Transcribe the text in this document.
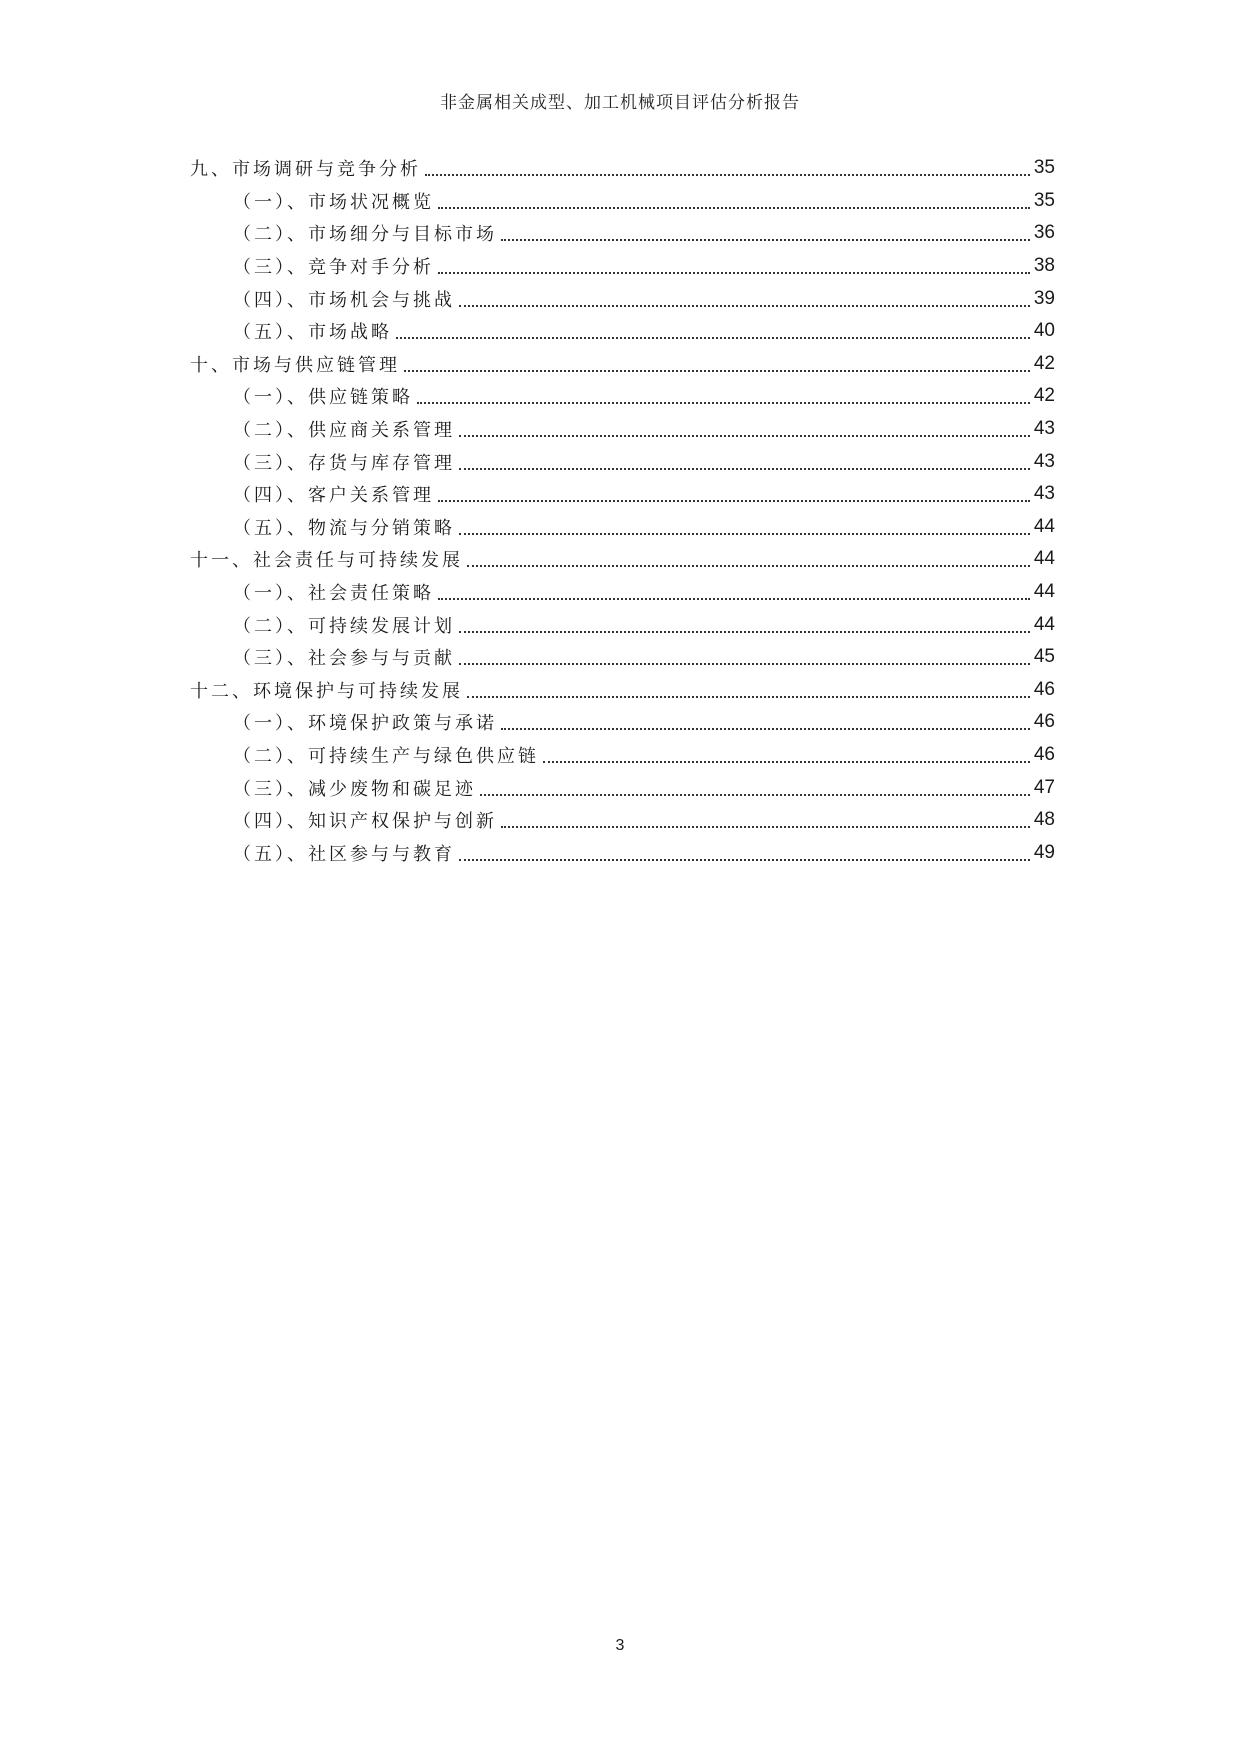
非金属相关成型、加工机械项目评估分析报告
九、市场调研与竞争分析	35
（一）、市场状况概览	35
（二）、市场细分与目标市场	36
（三）、竞争对手分析	38
（四）、市场机会与挑战	39
（五）、市场战略	40
十、市场与供应链管理	42
（一）、供应链策略	42
（二）、供应商关系管理	43
（三）、存货与库存管理	43
（四）、客户关系管理	43
（五）、物流与分销策略	44
十一、社会责任与可持续发展	44
（一）、社会责任策略	44
（二）、可持续发展计划	44
（三）、社会参与与贡献	45
十二、环境保护与可持续发展	46
（一）、环境保护政策与承诺	46
（二）、可持续生产与绿色供应链	46
（三）、减少废物和碳足迹	47
（四）、知识产权保护与创新	48
（五）、社区参与与教育	49
3
